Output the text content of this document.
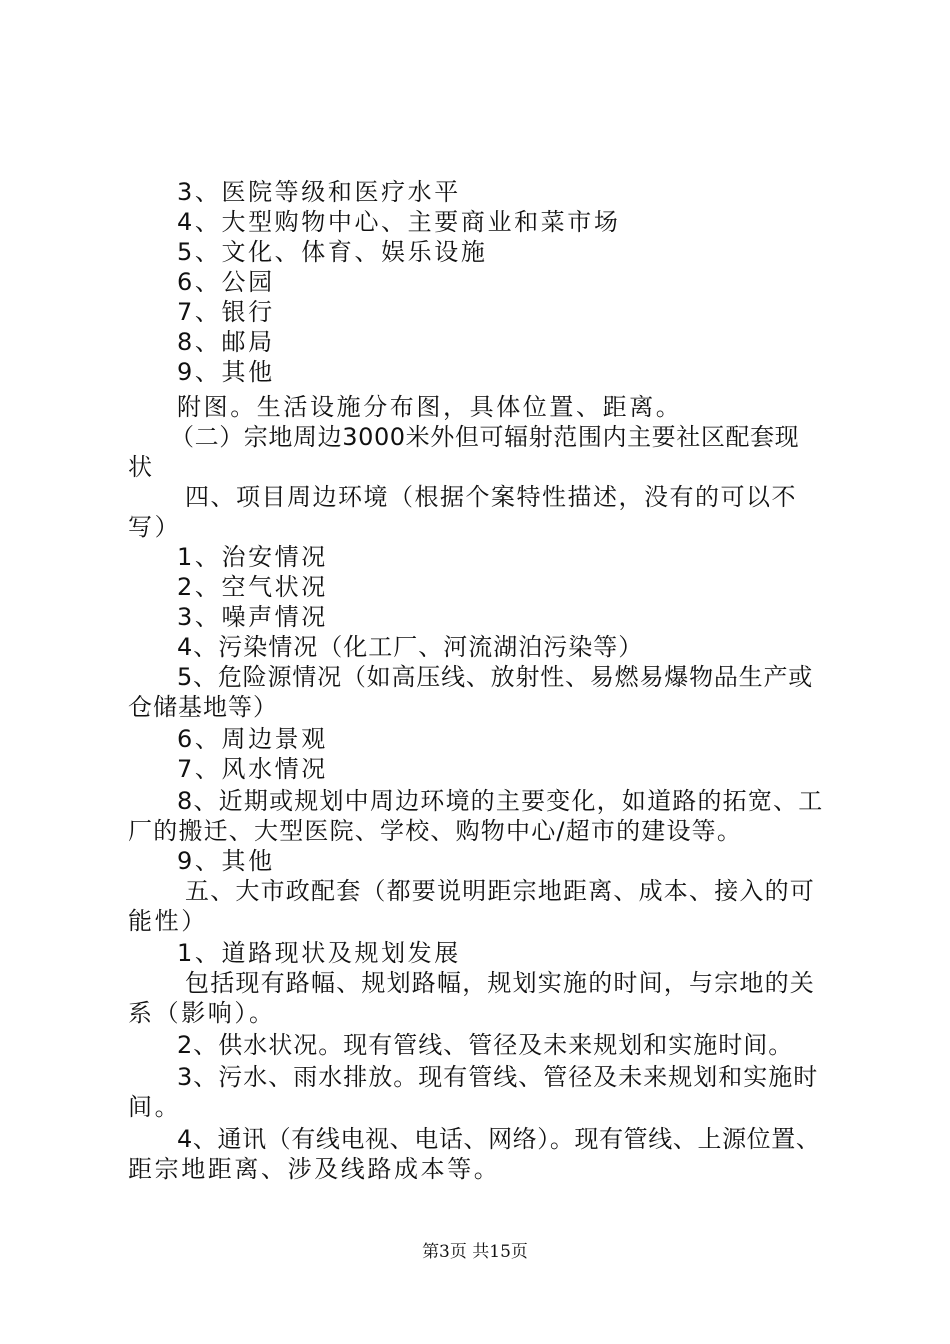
3、医院等级和医疗水平
4、大型购物中心、主要商业和菜市场
5、文化、体育、娱乐设施
6、公园
7、银行
8、邮局
9、其他
附图。生活设施分布图，具体位置、距离。
（二）宗地周边3000米外但可辐射范围内主要社区配套现
状
四、项目周边环境（根据个案特性描述，没有的可以不
写）
1、治安情况
2、空气状况
3、噪声情况
4、污染情况（化工厂、河流湖泊污染等）
5、危险源情况（如高压线、放射性、易燃易爆物品生产或
仓储基地等）
6、周边景观
7、风水情况
8、近期或规划中周边环境的主要变化，如道路的拓宽、工
厂的搬迁、大型医院、学校、购物中心/超市的建设等。
9、其他
五、大市政配套（都要说明距宗地距离、成本、接入的可
能性）
1、道路现状及规划发展
包括现有路幅、规划路幅，规划实施的时间，与宗地的关
系（影响）。
2、供水状况。现有管线、管径及未来规划和实施时间。
3、污水、雨水排放。现有管线、管径及未来规划和实施时
间。
4、通讯（有线电视、电话、网络）。现有管线、上源位置、
距宗地距离、涉及线路成本等。
第3页 共15页
